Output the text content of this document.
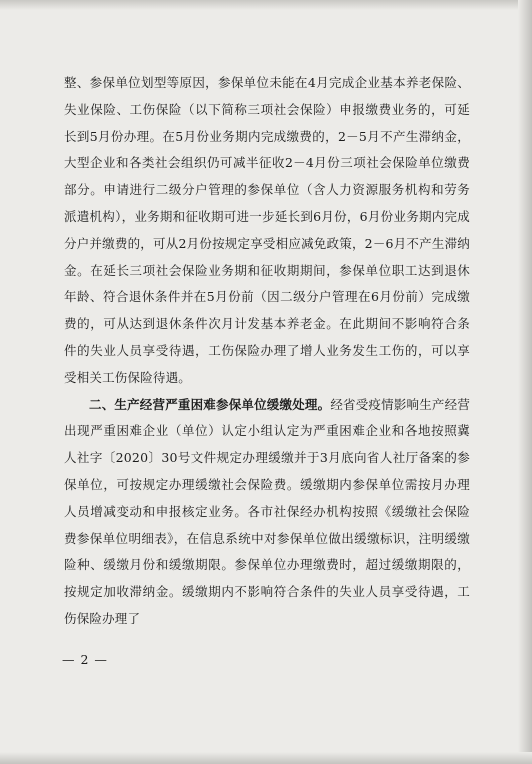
整、参保单位划型等原因，参保单位未能在4月完成企业基本养老保险、失业保险、工伤保险（以下简称三项社会保险）申报缴费业务的，可延长到5月份办理。在5月份业务期内完成缴费的，2－5月不产生滞纳金，大型企业和各类社会组织仍可减半征收2－4月份三项社会保险单位缴费部分。申请进行二级分户管理的参保单位（含人力资源服务机构和劳务派遣机构），业务期和征收期可进一步延长到6月份，6月份业务期内完成分户并缴费的，可从2月份按规定享受相应减免政策，2－6月不产生滞纳金。在延长三项社会保险业务期和征收期期间，参保单位职工达到退休年龄、符合退休条件并在5月份前（因二级分户管理在6月份前）完成缴费的，可从达到退休条件次月计发基本养老金。在此期间不影响符合条件的失业人员享受待遇，工伤保险办理了增人业务发生工伤的，可以享受相关工伤保险待遇。

二、生产经营严重困难参保单位缓缴处理。经省受疫情影响生产经营出现严重困难企业（单位）认定小组认定为严重困难企业和各地按照冀人社字〔2020〕30号文件规定办理缓缴并于3月底向省人社厅备案的参保单位，可按规定办理缓缴社会保险费。缓缴期内参保单位需按月办理人员增减变动和申报核定业务。各市社保经办机构按照《缓缴社会保险费参保单位明细表》，在信息系统中对参保单位做出缓缴标识，注明缓缴险种、缓缴月份和缓缴期限。参保单位办理缴费时，超过缓缴期限的，按规定加收滞纳金。缓缴期内不影响符合条件的失业人员享受待遇，工伤保险办理了

— 2 —
